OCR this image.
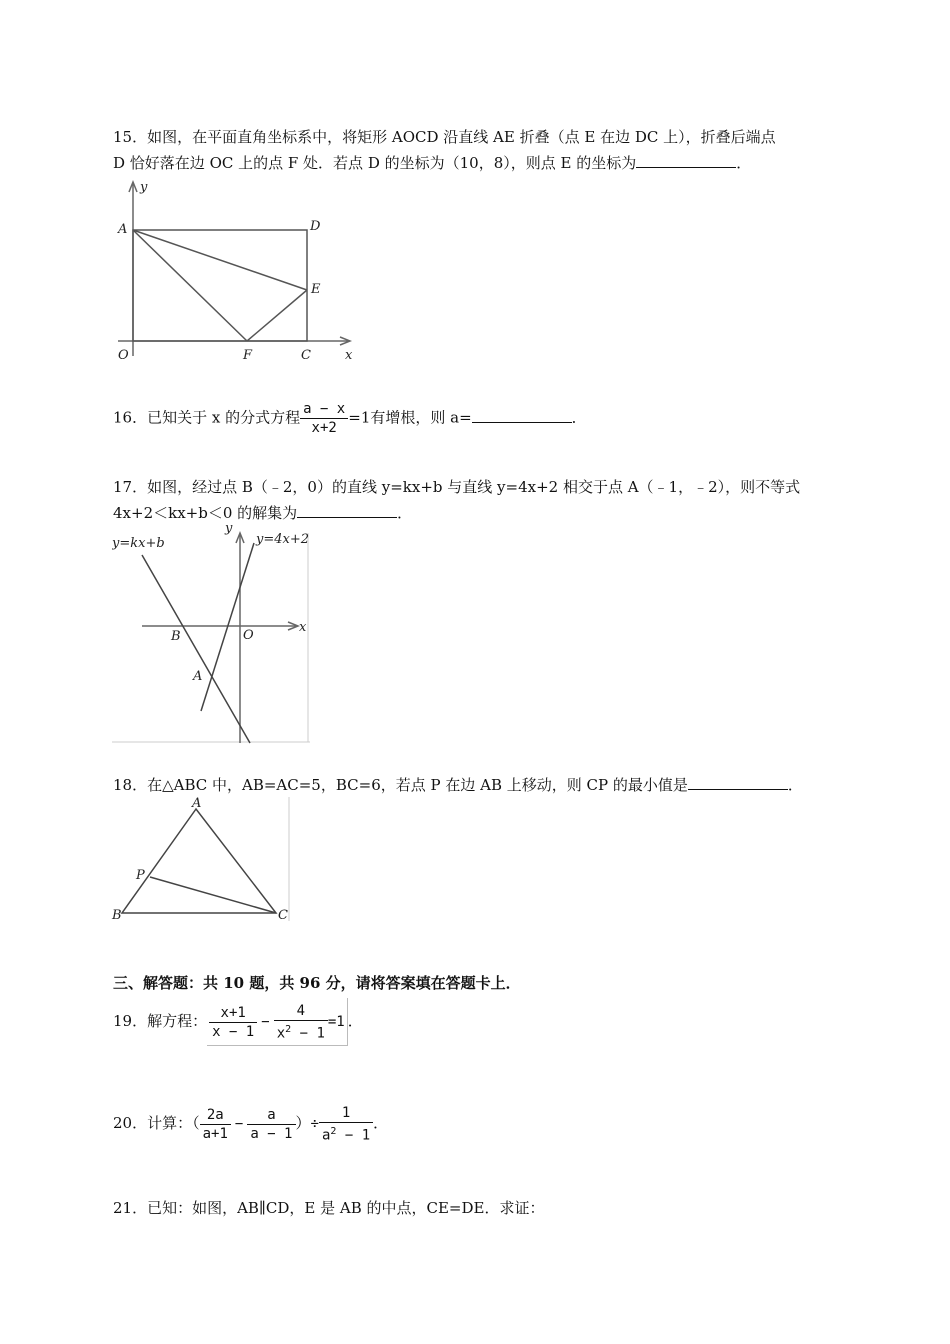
15．如图，在平面直角坐标系中，将矩形 AOCD 沿直线 AE 折叠（点 E 在边 DC 上），折叠后端点
D 恰好落在边 OC 上的点 F 处．若点 D 的坐标为（10，8），则点 E 的坐标为	．
y
A	D
E
O	F	C	x
16．已知关于 x 的分式方程 $\frac{a - x}{x+2} =1$有增根，则 a=	．
17．如图，经过点 B（﹣2，0）的直线 y=kx+b 与直线 y=4x+2 相交于点 A（﹣1，﹣2），则不等式
4x+2＜kx+b＜0 的解集为	．
y=kx+b	y=4x+2
y
x
B	O
A
18．在△ABC 中，AB=AC=5，BC=6，若点 P 在边 AB 上移动，则 CP 的最小值是	．
A
P
B	C
三、解答题：共 10 题，共 96 分，请将答案填在答题卡上．
19．解方程： $\frac{x+1}{x - 1} - \frac{4}{x^2 - 1} =1$ ．
20．计算：（ $\frac{2a}{a+1} - \frac{a}{a - 1}$ ）÷ $\frac{1}{a^2 - 1}$ ．
21．已知：如图，AB∥CD，E 是 AB 的中点，CE=DE．求证：
